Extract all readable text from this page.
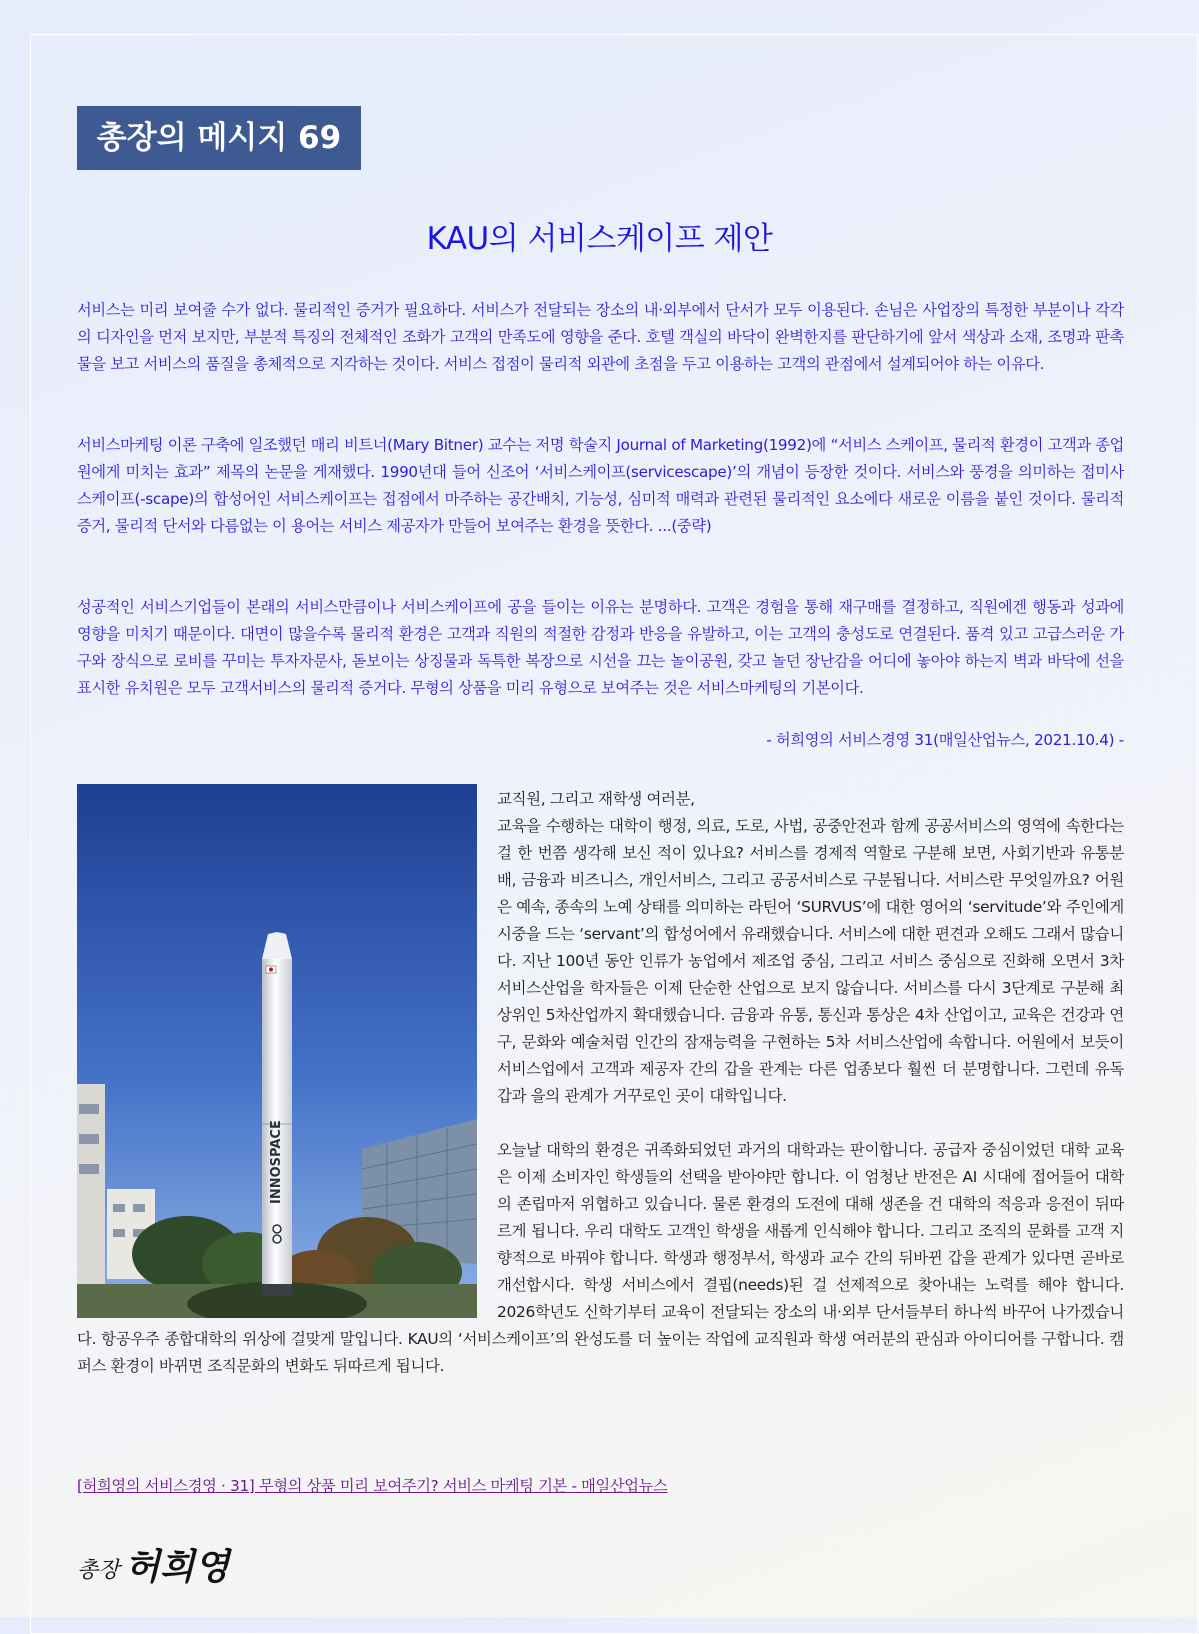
총장의 메시지 69
KAU의 서비스케이프 제안

서비스는 미리 보여줄 수가 없다. 물리적인 증거가 필요하다. 서비스가 전달되는 장소의 내·외부에서 단서가 모두 이용된다. 손님은 사업장의 특정한 부분이나 각각의 디자인을 먼저 보지만, 부분적 특징의 전체적인 조화가 고객의 만족도에 영향을 준다. 호텔 객실의 바닥이 완벽한지를 판단하기에 앞서 색상과 소재, 조명과 판촉물을 보고 서비스의 품질을 총체적으로 지각하는 것이다. 서비스 접점이 물리적 외관에 초점을 두고 이용하는 고객의 관점에서 설계되어야 하는 이유다.

서비스마케팅 이론 구축에 일조했던 매리 비트너(Mary Bitner) 교수는 저명 학술지 Journal of Marketing(1992)에 “서비스 스케이프, 물리적 환경이 고객과 종업원에게 미치는 효과” 제목의 논문을 게재했다. 1990년대 들어 신조어 ‘서비스케이프(servicescape)’의 개념이 등장한 것이다. 서비스와 풍경을 의미하는 접미사 스케이프(-scape)의 합성어인 서비스케이프는 접점에서 마주하는 공간배치, 기능성, 심미적 매력과 관련된 물리적인 요소에다 새로운 이름을 붙인 것이다. 물리적 증거, 물리적 단서와 다름없는 이 용어는 서비스 제공자가 만들어 보여주는 환경을 뜻한다. ...(중략)

성공적인 서비스기업들이 본래의 서비스만큼이나 서비스케이프에 공을 들이는 이유는 분명하다. 고객은 경험을 통해 재구매를 결정하고, 직원에겐 행동과 성과에 영향을 미치기 때문이다. 대면이 많을수록 물리적 환경은 고객과 직원의 적절한 감정과 반응을 유발하고, 이는 고객의 충성도로 연결된다. 품격 있고 고급스러운 가구와 장식으로 로비를 꾸미는 투자자문사, 돋보이는 상징물과 독특한 복장으로 시선을 끄는 놀이공원, 갖고 놀던 장난감을 어디에 놓아야 하는지 벽과 바닥에 선을 표시한 유치원은 모두 고객서비스의 물리적 증거다. 무형의 상품을 미리 유형으로 보여주는 것은 서비스마케팅의 기본이다.

- 허희영의 서비스경영 31(매일산업뉴스, 2021.10.4) -
INNOSPACE

교직원, 그리고 재학생 여러분,

교육을 수행하는 대학이 행정, 의료, 도로, 사법, 공중안전과 함께 공공서비스의 영역에 속한다는 걸 한 번쯤 생각해 보신 적이 있나요? 서비스를 경제적 역할로 구분해 보면, 사회기반과 유통분배, 금융과 비즈니스, 개인서비스, 그리고 공공서비스로 구분됩니다. 서비스란 무엇일까요? 어원은 예속, 종속의 노예 상태를 의미하는 라틴어 ‘SURVUS’에 대한 영어의 ‘servitude’와 주인에게 시중을 드는 ‘servant’의 합성어에서 유래했습니다. 서비스에 대한 편견과 오해도 그래서 많습니다. 지난 100년 동안 인류가 농업에서 제조업 중심, 그리고 서비스 중심으로 진화해 오면서 3차 서비스산업을 학자들은 이제 단순한 산업으로 보지 않습니다. 서비스를 다시 3단계로 구분해 최상위인 5차산업까지 확대했습니다. 금융과 유통, 통신과 통상은 4차 산업이고, 교육은 건강과 연구, 문화와 예술처럼 인간의 잠재능력을 구현하는 5차 서비스산업에 속합니다. 어원에서 보듯이 서비스업에서 고객과 제공자 간의 갑을 관계는 다른 업종보다 훨씬 더 분명합니다. 그런데 유독 갑과 을의 관계가 거꾸로인 곳이 대학입니다.

오늘날 대학의 환경은 귀족화되었던 과거의 대학과는 판이합니다. 공급자 중심이었던 대학 교육은 이제 소비자인 학생들의 선택을 받아야만 합니다. 이 엄청난 반전은 AI 시대에 접어들어 대학의 존립마저 위협하고 있습니다. 물론 환경의 도전에 대해 생존을 건 대학의 적응과 응전이 뒤따르게 됩니다. 우리 대학도 고객인 학생을 새롭게 인식해야 합니다. 그리고 조직의 문화를 고객 지향적으로 바꿔야 합니다. 학생과 행정부서, 학생과 교수 간의 뒤바뀐 갑을 관계가 있다면 곧바로 개선합시다. 학생 서비스에서 결핍(needs)된 걸 선제적으로 찾아내는 노력를 해야 합니다. 2026학년도 신학기부터 교육이 전달되는 장소의 내·외부 단서들부터 하나씩 바꾸어 나가겠습니다. 항공우주 종합대학의 위상에 걸맞게 말입니다. KAU의 ‘서비스케이프’의 완성도를 더 높이는 작업에 교직원과 학생 여러분의 관심과 아이디어를 구합니다. 캠퍼스 환경이 바뀌면 조직문화의 변화도 뒤따르게 됩니다.

[허희영의 서비스경영 · 31] 무형의 상품 미리 보여주기? 서비스 마케팅 기본 - 매일산업뉴스
총장 허희영
